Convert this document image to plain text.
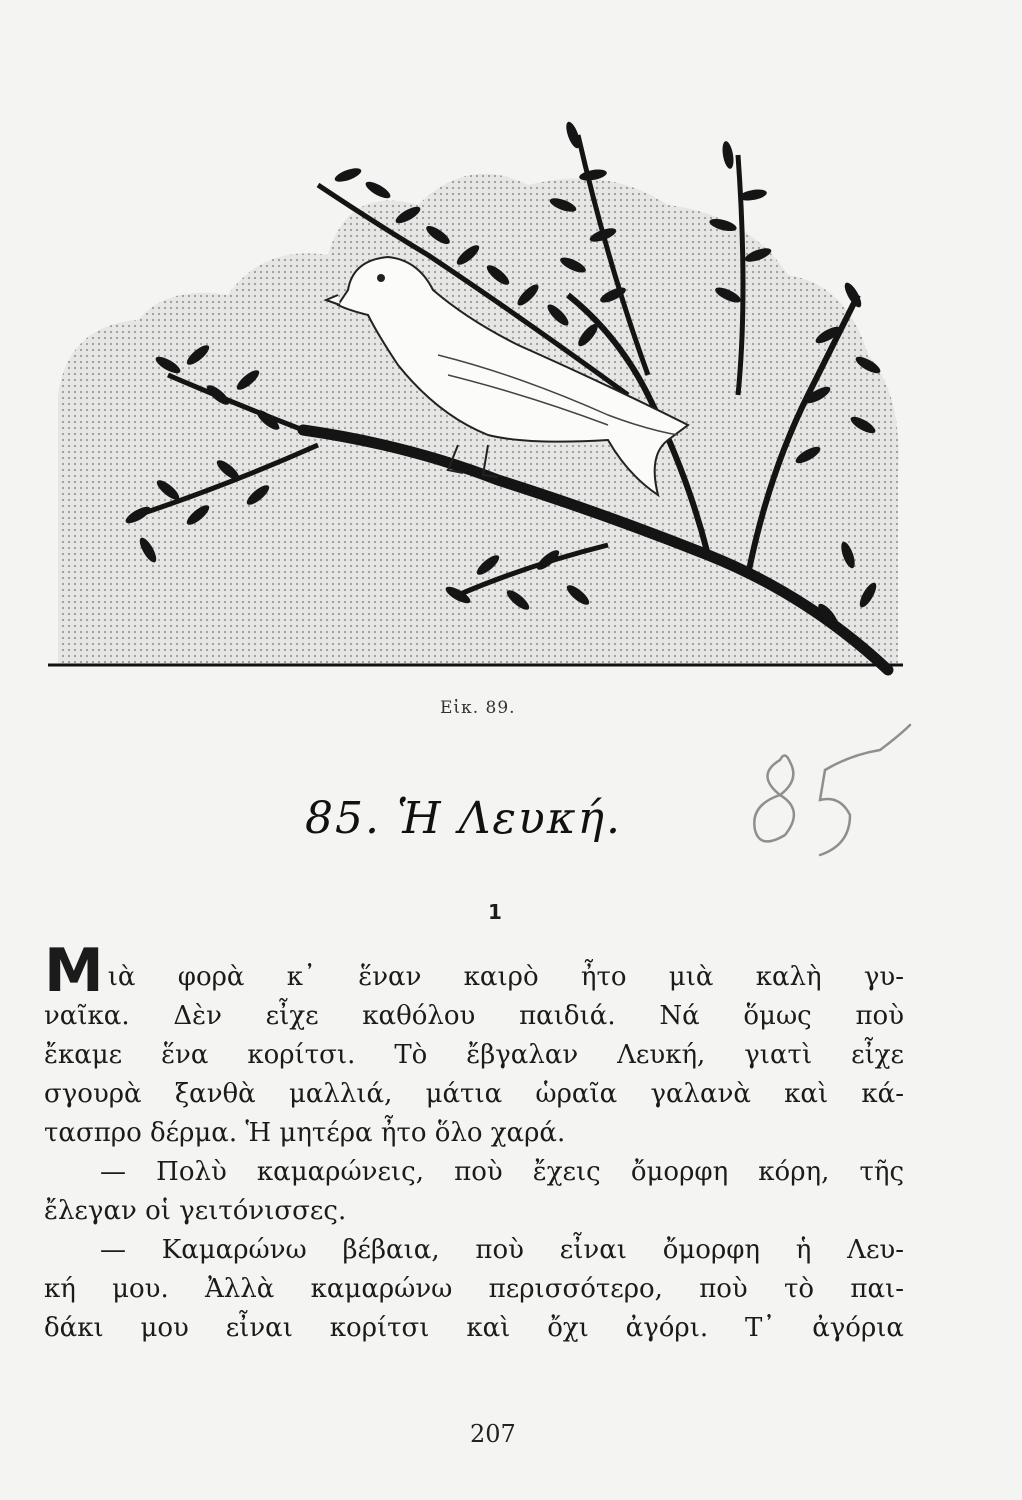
Εἰκ. 89.
85. Ἡ Λευκή.
1
Μ ιὰ φορὰ κ᾿ ἕναν καιρὸ ἦτο μιὰ καλὴ γυ-
ναῖκα. Δὲν εἶχε καθόλου παιδιά. Νά ὅμως ποὺ
ἔκαμε ἕνα κορίτσι. Τὸ ἔβγαλαν Λευκή, γιατὶ εἶχε
σγουρὰ ξανθὰ μαλλιά, μάτια ὡραῖα γαλανὰ καὶ κά-
τασπρο δέρμα. Ἡ μητέρα ἦτο ὅλο χαρά.
— Πολὺ καμαρώνεις, ποὺ ἔχεις ὄμορφη κόρη, τῆς
ἔλεγαν οἱ γειτόνισσες.
— Καμαρώνω βέβαια, ποὺ εἶναι ὄμορφη ἡ Λευ-
κή μου. Ἀλλὰ καμαρώνω περισσότερο, ποὺ τὸ παι-
δάκι μου εἶναι κορίτσι καὶ ὄχι ἀγόρι. Τ᾿ ἀγόρια
207
